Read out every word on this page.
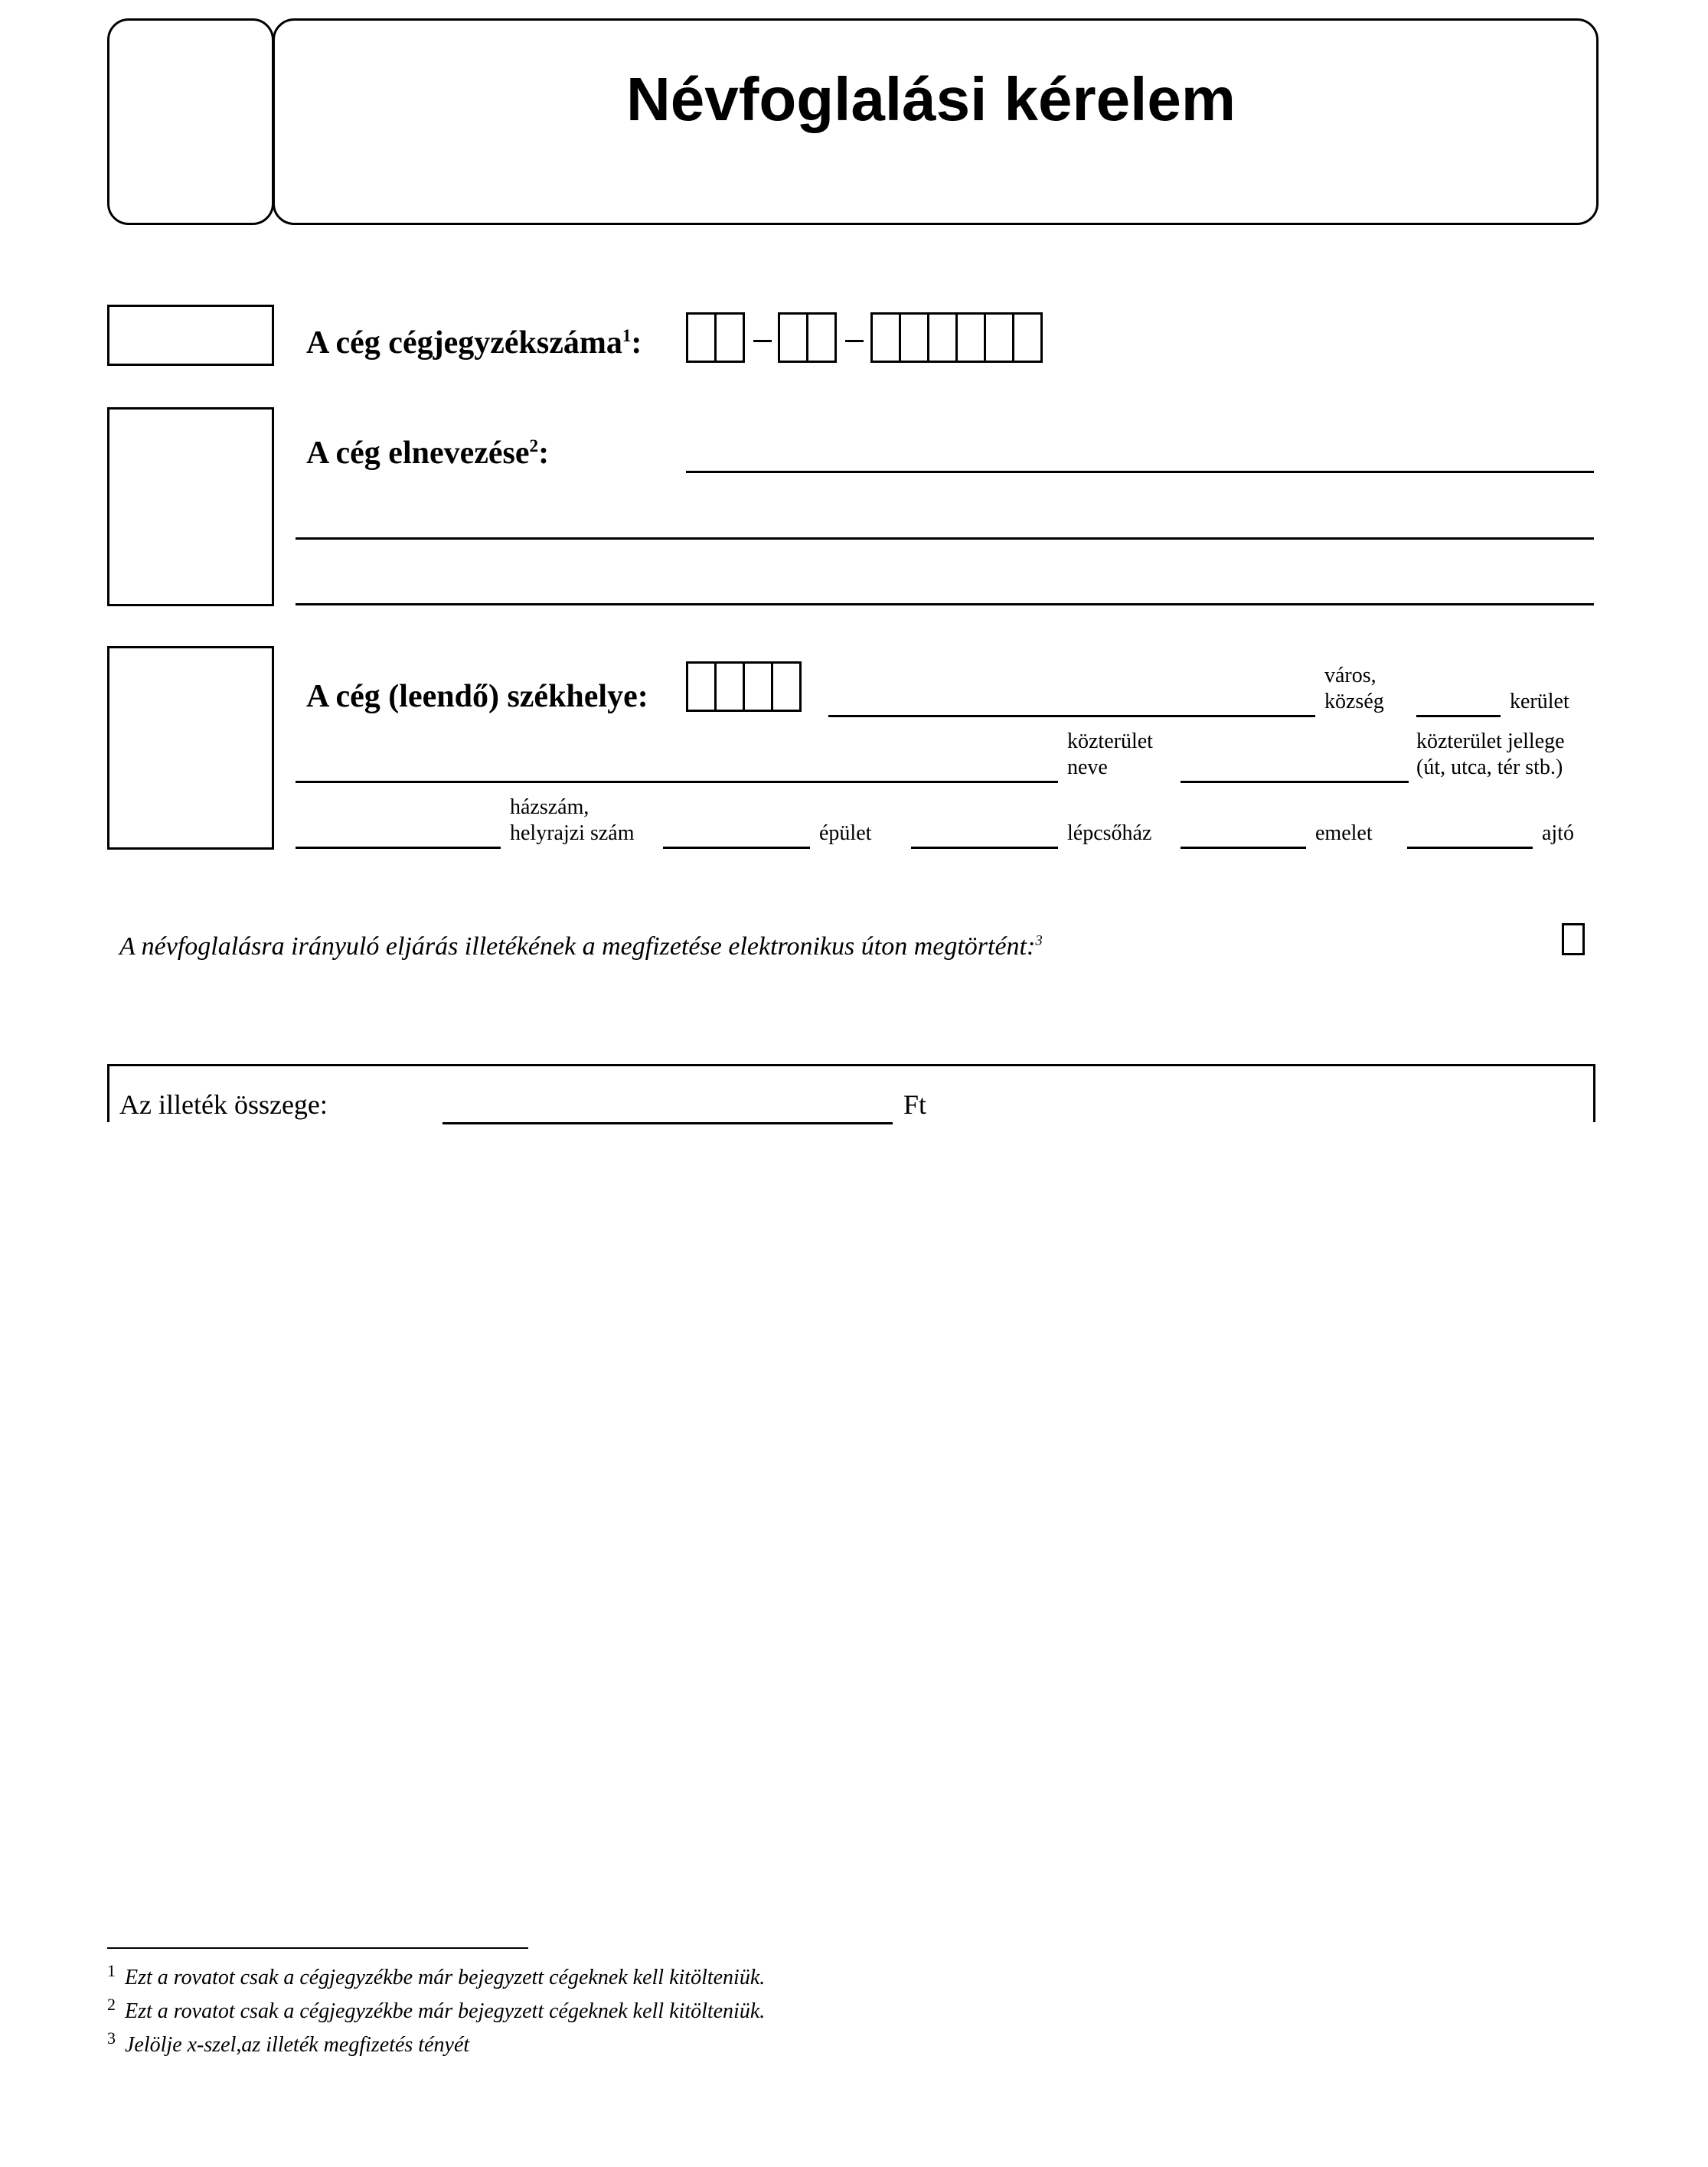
Névfoglalási kérelem
A cég cégjegyzékszáma$^1$:
A cég elnevezése$^2$:
A cég (leendő) székhelye:
város,
község	kerület
közterület
neve
közterület jellege
(út, utca, tér stb.)
házszám,
helyrajzi szám	épület	lépcsőház	emelet	ajtó
A névfoglalásra irányuló eljárás illetékének a megfizetése elektronikus úton megtörtént:$^3$
Az illeték összege:	Ft
$^1$ Ezt a rovatot csak a cégjegyzékbe már bejegyzett cégeknek kell kitölteniük.
$^2$ Ezt a rovatot csak a cégjegyzékbe már bejegyzett cégeknek kell kitölteniük.
$^3$ Jelölje x-szel,az illeték megfizetés tényét
